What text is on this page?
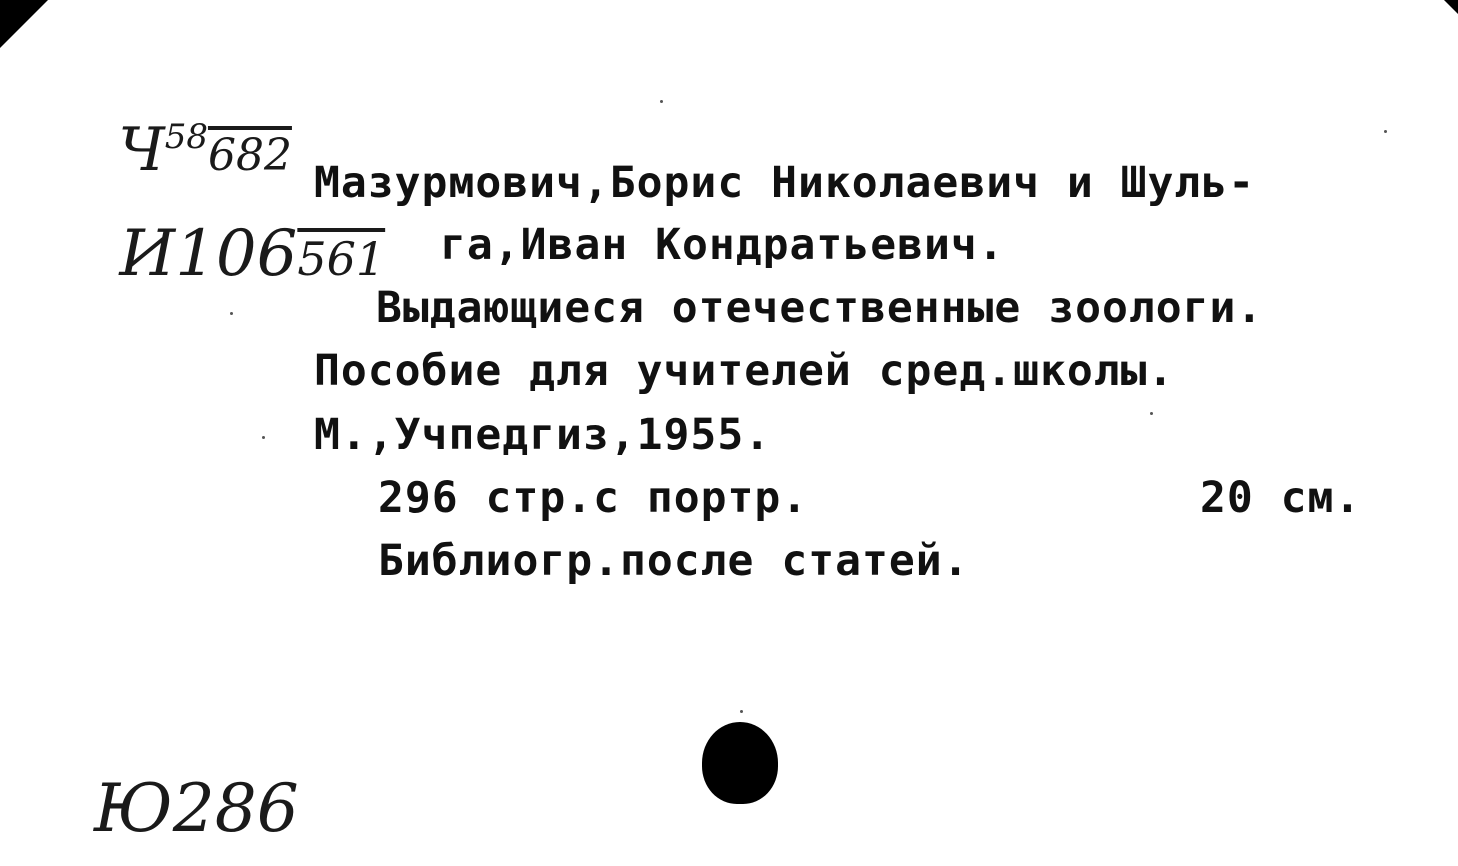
$Ч^{58}682$

И106561

Мазурмович,Борис Николаевич и Шуль-
га,Иван Кондратьевич.
Выдающиеся отечественные зоологи.
Пособие для учителей сред.школы.
М.,Учпедгиз,1955.
296 стр.с портр.	20 см.
Библиогр.после статей.
Ю286
